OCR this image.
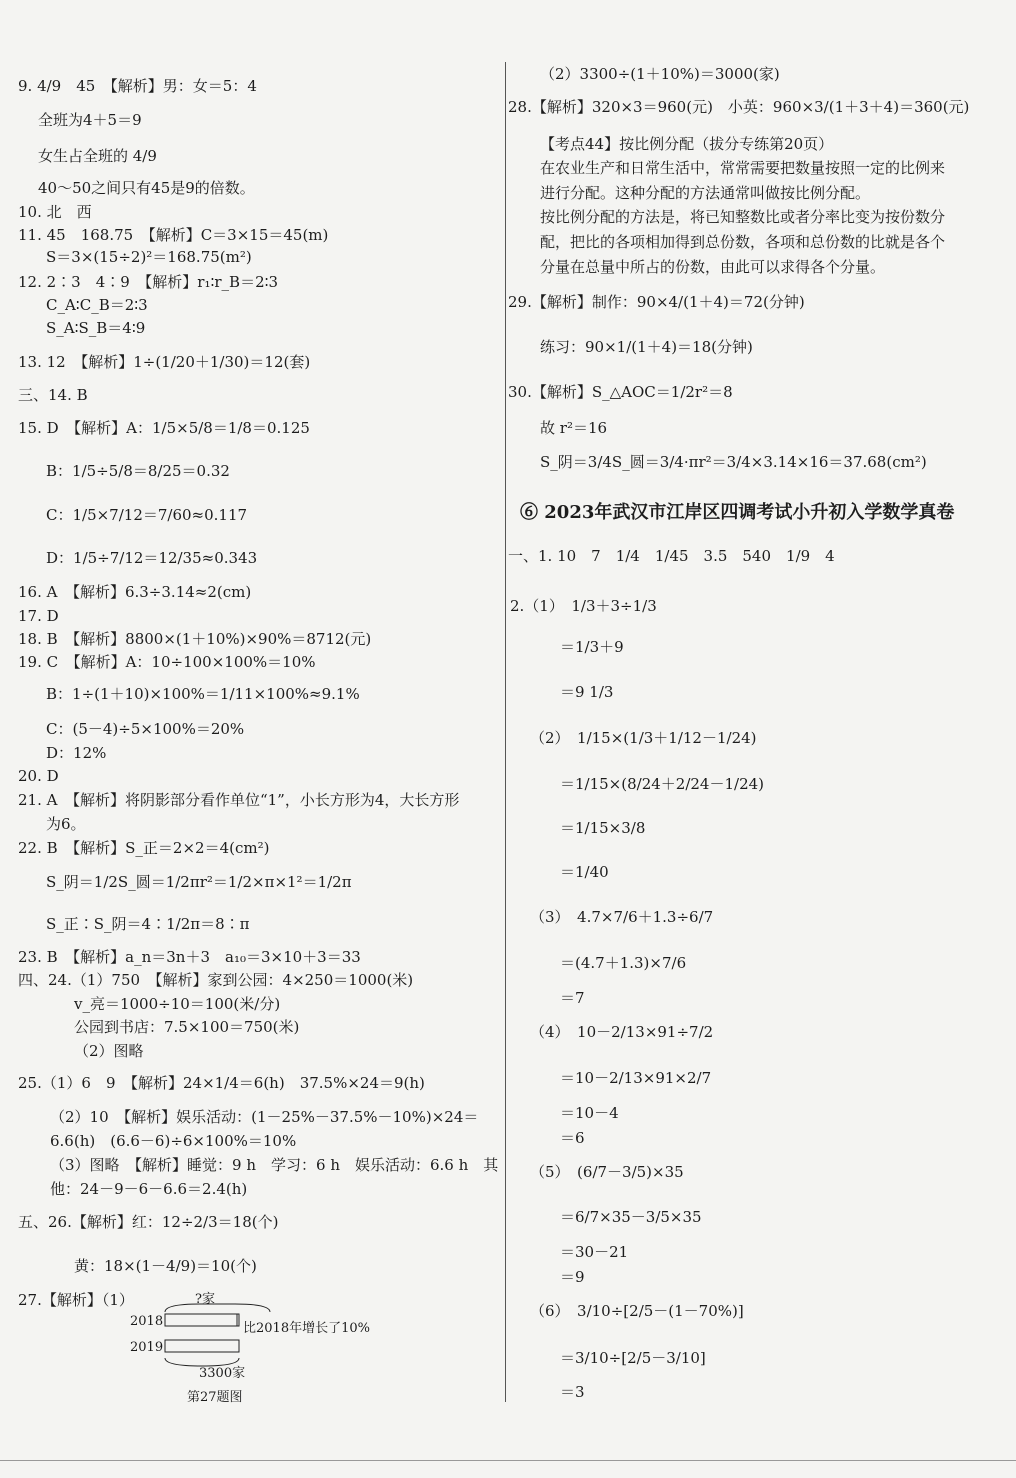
9. 4/9　45　【解析】男：女＝5：4
全班为4＋5＝9
女生占全班的 4/9
40～50之间只有45是9的倍数。
10. 北　西
11. 45　168.75　【解析】C＝3×15＝45(m)
S＝3×(15÷2)²＝168.75(m²)
12. 2∶3　4∶9　【解析】r₁∶r_B＝2∶3
C_A∶C_B＝2∶3
S_A∶S_B＝4∶9
13. 12　【解析】1÷(1/20＋1/30)＝12(套)
三、14. B
15. D　【解析】A：1/5×5/8＝1/8＝0.125
B：1/5÷5/8＝8/25＝0.32
C：1/5×7/12＝7/60≈0.117
D：1/5÷7/12＝12/35≈0.343
16. A　【解析】6.3÷3.14≈2(cm)
17. D
18. B　【解析】8800×(1＋10%)×90%＝8712(元)
19. C　【解析】A：10÷100×100%＝10%
B：1÷(1＋10)×100%＝1/11×100%≈9.1%
C：(5－4)÷5×100%＝20%
D：12%
20. D
21. A　【解析】将阴影部分看作单位“1”，小长方形为4，大长方形
为6。
22. B　【解析】S_正＝2×2＝4(cm²)
S_阴＝1/2S_圆＝1/2πr²＝1/2×π×1²＝1/2π
S_正∶S_阴＝4∶1/2π＝8∶π
23. B　【解析】a_n＝3n＋3　a₁₀＝3×10＋3＝33
四、24.（1）750　【解析】家到公园：4×250＝1000(米)
v_亮＝1000÷10＝100(米/分)
公园到书店：7.5×100＝750(米)
（2）图略
25.（1）6　9　【解析】24×1/4＝6(h)　37.5%×24＝9(h)
（2）10　【解析】娱乐活动：(1－25%－37.5%－10%)×24＝
6.6(h)　(6.6－6)÷6×100%＝10%
（3）图略　【解析】睡觉：9 h　学习：6 h　娱乐活动：6.6 h　其
他：24－9－6－6.6＝2.4(h)
五、26.【解析】红：12÷2/3＝18(个)
黄：18×(1－4/9)＝10(个)
27.【解析】（1）	?家
2018
2019
比2018年增长了10%
3300家
第27题图
（2）3300÷(1＋10%)＝3000(家)
28.【解析】320×3＝960(元)　小英：960×3/(1＋3＋4)＝360(元)
【考点44】按比例分配（拔分专练第20页）
在农业生产和日常生活中，常常需要把数量按照一定的比例来
进行分配。这种分配的方法通常叫做按比例分配。
按比例分配的方法是，将已知整数比或者分率比变为按份数分
配，把比的各项相加得到总份数，各项和总份数的比就是各个
分量在总量中所占的份数，由此可以求得各个分量。
29.【解析】制作：90×4/(1＋4)＝72(分钟)
练习：90×1/(1＋4)＝18(分钟)
30.【解析】S_△AOC＝1/2r²＝8
故 r²＝16
S_阴＝3/4S_圆＝3/4·πr²＝3/4×3.14×16＝37.68(cm²)
⑥ 2023年武汉市江岸区四调考试小升初入学数学真卷
一、1. 10　7　1/4　1/45　3.5　540　1/9　4
2.（1）　1/3＋3÷1/3
＝1/3＋9
＝9 1/3
（2）　1/15×(1/3＋1/12－1/24)
＝1/15×(8/24＋2/24－1/24)
＝1/15×3/8
＝1/40
（3）　4.7×7/6＋1.3÷6/7
＝(4.7＋1.3)×7/6
＝7
（4）　10－2/13×91÷7/2
＝10－2/13×91×2/7
＝10－4
＝6
（5）　(6/7－3/5)×35
＝6/7×35－3/5×35
＝30－21
＝9
（6）　3/10÷[2/5－(1－70%)]
＝3/10÷[2/5－3/10]
＝3
